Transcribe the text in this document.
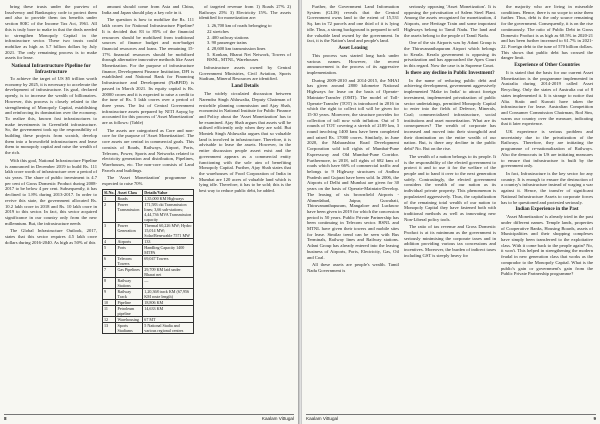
bring these trusts under the purview of Insolvency and Bankruptcy code to protect them and also to provide them tax benefits under section 80IC of the Income Tax Act, 1961. All this is truly bore to make in that the deals needed to strengthen Monopoly Capital in the infrastructure sector. These two trusts could mobilize as high as 5.7 billion dollars by July 2021. The only remaining process is to make assets for lease.

National Infrastructure Pipeline for Infrastructure

To achieve the target of US $5 trillion worth economy by 2025, it is necessary to accelerate the development of infrastructure. Its goal, declared openly, is to increase the wealth of billionaires. However, this process is closely related to the strengthening of Monopoly Capital, establishing and reinforcing its domination over the economy. To realize this, known fast infrastructures to make investments in Greenfield infrastructure. So, the government took up the responsibility of building these projects from scratch, develop them into a brownfield infrastructures and lease them to monopoly capital and raise the wealth of the rich.

With this goal, National Infrastructure Pipeline is announced in December 2019 to build Rs. 111 lakh crore worth of infrastructure over a period of six years. The share of public investment is 4.7 per cent of Gross Domestic Product during 2008-2017 to be below 4 per cent. Subsequently, it has declined to 1.8% during 2013-2017. In order to revive this state, the government allocated Rs. 10.2 lakh crore in 2018 and Rs. 10 lakh crore in 2019 to this sector. In fact, this sector acquired significance in our country only from the new millennium. But, the infrastructure needs

The Global Infrastructure Outlook, 2017, states that this sector requires 4.5 lakh crore dollars during 2016-2040. As high as 50% of this

amount should come from Asia and China, India and Japan should play a key role in it.

The question is how to mobilize the Rs. 111 lakh crores for National Infrastructure Pipeline? It is decided that 83 to 85% of the financial resources should be mobilized from traditional sources of finance budget and non-budget financial resources and loans. The remaining 15-17% financial resources should be mobilized through alternative innovative methods like Asset Monetization. For the purpose of infrastructure finance, Development Finance Institution, DFI is established and National Bank for Financing Infrastructure and Development (NaBFID) is passed in March 2021. Its equity capital is Rs. 20000 crores and it is expected to raise a credit to the tune of Rs. 5 lakh crores over a period of three years. The list of Central Government infrastructure assets prepared by NITI Aayog by accounted for this process of 'Asset Monetization' are as follows: (Table)

The assets are categorized as Core and non-core for the purpose of 'Asset Monetization'. The core assets are central in commercial goals. This consists of Roads, Railways, Airport, Ports, Telecom, Power, Sports and Networks related to electricity generation and distribution, Pipelines, Warehouses, etc. The non-core consists of Land Parcels and buildings.

The 'Asset Monetization' programme is expected to raise 70%

Sl.No.	Asset Class	Details/Value
1	Roads	1,35,000 KM Highways
2	Power Transmission	171,583 ckt Transmission lines; 3,66 sub-stations; 4,44,736 MVA Transmission capacity
3	Power Generation	Thermal 60,226 MW; Hydro 15,014 MW; Solar/Renewable 7571 MW
4	Airports	133
5	Ports	Handling Capacity 1400 MTPA
6	Telecom Towers	69,047 Towers
7	Gas Pipelines	29,709 KM laid under Bharat net
8	Railway Stations	—
9	Railway Track	1,20,368 track KM (67,956 KM route length)
10	Pipeline	18,806 KM
11	Petroleum pipeline	14,633 KM
12	Warehousing	67 MT
13	Sports Stadiums	5 National Stadia and various regional centres

of targeted revenue from 1) Roads 27% 2) Railways 25% 3) Electricity 15%. The assets identified for monetization are:

1. 26,700 km of roads belonging to
22 stretches
2. 400 railway stations
3. 90 passenger trains
4. 28,600 km transmission lines
5. Konkan, Bharat Net Network, Towers of BSNL, MTNL, Warehouses

Infrastructure assets owned by Central Government Ministries, Civil Aviation, Sports Stadium, Mineral Resources are identified.

Land Details

The widely circulated discussion between Narendra Singh Ahluwalia, Deputy Chairman of erstwhile planning commission and Ajay Shah, economist in National Institute for Public Finance and Policy about the 'Asset Monetization' has to be examined. Ajay Shah argues that assets will be utilised efficiently only when they are sold. But Montek Singh Ahluwalia argues that so valuable land is involved in infrastructure. Therefore, it is advisable to lease the assets. However, in the entire discussion people assert exist and the government appears as a commercial entity functioning with the sole aim of benefiting Monopoly Capital. Further, Ajay Shah states that the warehouses of Food Corporation of India in Mumbai are 120 acres of valuable land which is lying idle. Therefore, it has to be sold; this is the best way to reduce public debt, he added.

8	Kaalam Vittugal

Further, the Government Land Information System (GLIS) reveals that the Central Government owns land to the extent of 15,531 Sq. km in 72 parcels and one third of it is lying idle. Thus, a strong background is prepared to sell the valuable land owned by the government. In fact, it is the Nation's land and people's land.

Asset Leasing

This process was started long back under various names. However, the recent announcement is the process of its aggressive implementation.

During 2009-2010 and 2014-2015, the NHAI has given around 2800 kilometre National Highways for lease on the basis of Operate-Maintain-Transfer (OMT). The model of Toll-Operate-Transfer (TOT) is introduced in 2016 in which the right to collect toll will be given for 15-30 years. Moreover, the structure provides for collection of toll now with inflation. Out of 5 rounds of TOT covering a stretch of 2189 km, 3 round involving 1400 kms have been completed and raised Rs. 17000 crores. Similarly, in June 2020, the Maharashtra Road Development Corporation sold toll rights of Mumbai-Pune Expressway and Old Mumbai-Pune Corridor. Furthermore, in 2018, toll rights of 682 kms of roads which have 66% of commercial traffic and belongs to 9 Highway structures of Andhra Pradesh and Gujarat have been sold. In 2006, the Airports of Delhi and Mumbai are given for 30 years on the basis of Operate-Maintain-Develop. The leasing of six brownfield Airports - Ahmedabad, Jaipur, Guwahati, Thiruvananthapuram, Mangalore and Lucknow have been given in 2019 for which the concession period is 50 years. Public Private Partnership has been continuing in Telecom sector. BSNL and MTNL have given their towers and mobile sites for lease. Similar trend can be seen with Bus Terminals, Railway lines and Railway stations. Adani Group has already entered into the leasing business of Airports, Ports, Electricity, Gas, Oil and Coal.

All these assets are people's wealth. Tamil Nadu Government is

seriously opposing 'Asset Monetization'. It is opposing the privatisation of Salem Steel Plant. Among the assets recognized for monetization, 4 Airports, one Heritage Train and some important Highways belong to Tamil Nadu. The land and the assets belong to the people of Tamil Nadu.

One of the six Airports was by Adani Group is the Thiruvananthapuram Airport which belongs to Kerala. Kerala government is opposing its privatization and has approached the Apex Court in this regard. Now the case is in Supreme Court.

Is there any decline in Public Investment?

In the name of reducing public debt and achieving development, government aggressively implemented 'Make in India' to attract foreign investment, implemented privatization of public sector undertakings, permitted Monopoly Capital to enter into the fields of Defence, Minerals, Coal; commercialized infrastructure, social institutions and asset monetization. What are its consequences? The wealth of corporate has increased and moved into their stronghold and their domination on the entire wealth of our nation. But, is there any decline in the public debt? No. But on the rise.

The wealth of a nation belongs to its people. It is the responsibility of the elected government to protect it and to use it for the welfare of the people and to hand it over to the next generation safely. Contrastingly, the elected government considers the wealth of our nation as its individual private property. This phenomenon is popularized aggressively. Thus, the capitalization of the remaining total wealth of our nation to Monopoly Capital they have fastened both with traditional methods as well as innovating new Non-Liberal policy tools.

The ratio of tax revenue and Gross Domestic Product is at its minimum as the government is seriously minimising the corporate taxes and in addition providing various tax concessions and incentives. Moreover, the burden of indirect taxes including GST is steeply heavy for

the majority who are living in miserable conditions. Hence, there is no scope to raise them further. Thus, debt is the only source remaining for the government. Consequently, it is on the rise continuously. The ratio of Public Debt in Gross Domestic Product is as high as 60.5% in 2020-21 and has been further increased to 61.7% in 2021-22. Foreign debt to the tune of 570 billion dollars. This shows that public debt has crossed the danger limit.

Experience of Other Countries

It is stated that the basis for our current Asset Monetization is the programme implemented in Australia during 2014-2019 called Asset Recycling. Only the states of Australia out of 8 states implemented it. It is strange to notice that Alta. Static and Kuwait have taken the infrastructure for lease. Australian Competition and Consumer Commission Chairman, Rod Sim, warns our country over the measure, indicating that it later experience.

UK experience is serious problem and uncertainty due to the privatization of the Railways. Therefore, they are initiating the programme of re-nationalization of Railways. Also the democrats in US are initiating measures to ensure that infrastructure is built by the government only.

In fact, Infrastructure is the key sector for any country. It is enough to ensure the destruction of a country's infrastructure instead of waging a war against it. Hence, the transfer of significant National Infrastructure Assets to corporate forces has to be questioned and protested seriously.

Indian Experience in the Past

'Asset Monetization' is already tried in the past under different names. Temple lands, properties of Cooperative Banks, Housing Boards, assets of Municipalities and their shopping complexes have simply been transferred to the exploitative class. With it come back to the people again? No, it won't. This helped in strengthening the modern feudal in new generation class that works as the comprador to the Monopoly Capital. What is the public's gain or government's gain from the Public Private Partnership programme?

Kaalam Vittugal	9
